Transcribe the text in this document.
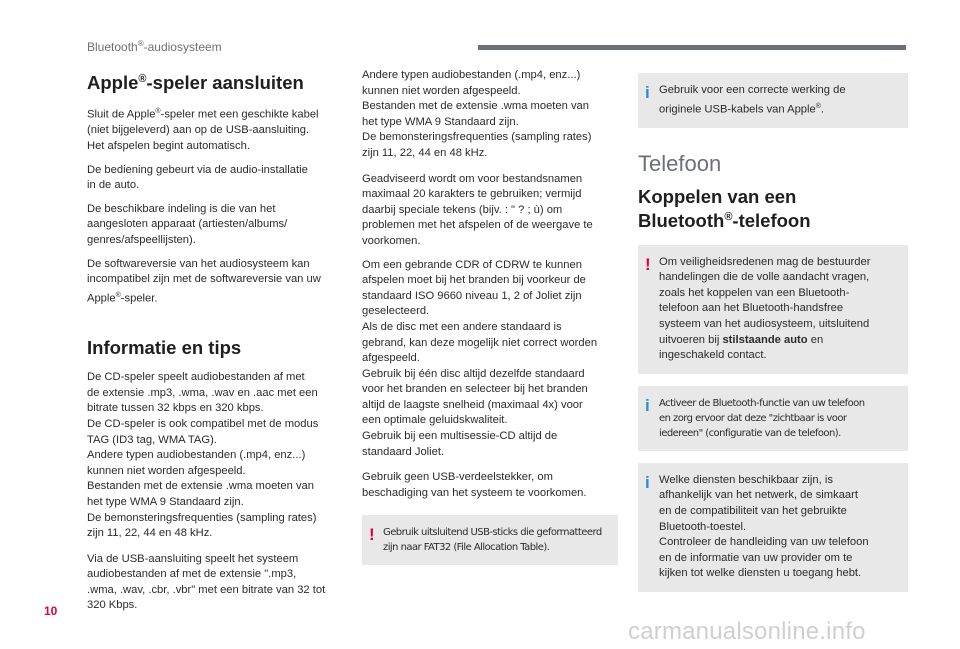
Bluetooth®-audiosysteem
Apple®-speler aansluiten
Sluit de Apple®-speler met een geschikte kabel
(niet bijgeleverd) aan op de USB-aansluiting.
Het afspelen begint automatisch.
De bediening gebeurt via de audio-installatie
in de auto.
De beschikbare indeling is die van het
aangesloten apparaat (artiesten/albums/
genres/afspeellijsten).
De softwareversie van het audiosysteem kan
incompatibel zijn met de softwareversie van uw
Apple®-speler.
Informatie en tips
De CD-speler speelt audiobestanden af met
de extensie .mp3, .wma, .wav en .aac met een
bitrate tussen 32 kbps en 320 kbps.
De CD-speler is ook compatibel met de modus
TAG (ID3 tag, WMA TAG).
Andere typen audiobestanden (.mp4, enz...)
kunnen niet worden afgespeeld.
Bestanden met de extensie .wma moeten van
het type WMA 9 Standaard zijn.
De bemonsteringsfrequenties (sampling rates)
zijn 11, 22, 44 en 48 kHz.
Via de USB-aansluiting speelt het systeem
audiobestanden af met de extensie ".mp3,
.wma, .wav, .cbr, .vbr" met een bitrate van 32 tot
320 Kbps.
Andere typen audiobestanden (.mp4, enz...)
kunnen niet worden afgespeeld.
Bestanden met de extensie .wma moeten van
het type WMA 9 Standaard zijn.
De bemonsteringsfrequenties (sampling rates)
zijn 11, 22, 44 en 48 kHz.
Geadviseerd wordt om voor bestandsnamen
maximaal 20 karakters te gebruiken; vermijd
daarbij speciale tekens (bijv. : " ? ; ù) om
problemen met het afspelen of de weergave te
voorkomen.
Om een gebrande CDR of CDRW te kunnen
afspelen moet bij het branden bij voorkeur de
standaard ISO 9660 niveau 1, 2 of Joliet zijn
geselecteerd.
Als de disc met een andere standaard is
gebrand, kan deze mogelijk niet correct worden
afgespeeld.
Gebruik bij één disc altijd dezelfde standaard
voor het branden en selecteer bij het branden
altijd de laagste snelheid (maximaal 4x) voor
een optimale geluidskwaliteit.
Gebruik bij een multisessie-CD altijd de
standaard Joliet.
Gebruik geen USB-verdeelstekker, om
beschadiging van het systeem te voorkomen.
! Gebruik uitsluitend USB-sticks die geformatteerd
zijn naar FAT32 (File Allocation Table).
i Gebruik voor een correcte werking de
originele USB-kabels van Apple®.
Telefoon
Koppelen van een
Bluetooth®-telefoon
! Om veiligheidsredenen mag de bestuurder
handelingen die de volle aandacht vragen,
zoals het koppelen van een Bluetooth-
telefoon aan het Bluetooth-handsfree
systeem van het audiosysteem, uitsluitend
uitvoeren bij stilstaande auto en
ingeschakeld contact.
i Activeer de Bluetooth-functie van uw telefoon
en zorg ervoor dat deze "zichtbaar is voor
iedereen" (configuratie van de telefoon).
i Welke diensten beschikbaar zijn, is
afhankelijk van het netwerk, de simkaart
en de compatibiliteit van het gebruikte
Bluetooth-toestel.
Controleer de handleiding van uw telefoon
en de informatie van uw provider om te
kijken tot welke diensten u toegang hebt.
10
carmanualsonline.info
